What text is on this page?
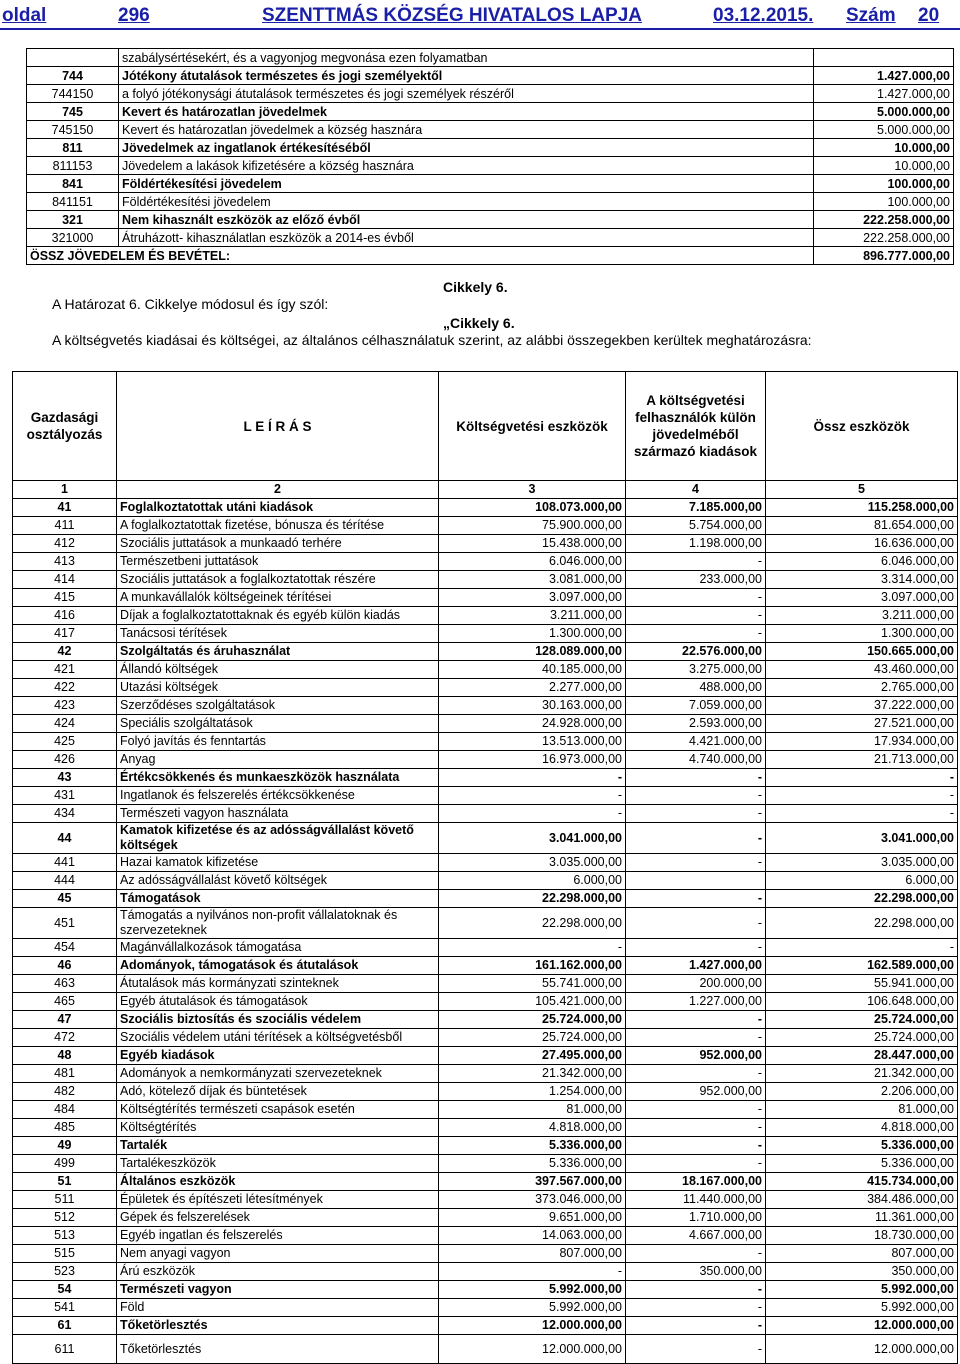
oldal	296	SZENTTMÁS KÖZSÉG HIVATALOS LAPJA	03.12.2015. Szám 20
	szabálysértésekért, és a vagyonjog megvonása ezen folyamatban	
744	Jótékony átutalások természetes és jogi személyektől	1.427.000,00
744150	a folyó jótékonysági átutalások természetes és jogi személyek részéről	1.427.000,00
745	Kevert és határozatlan jövedelmek	5.000.000,00
745150	Kevert és határozatlan jövedelmek a község hasznára	5.000.000,00
811	Jövedelmek az ingatlanok értékesítéséből	10.000,00
811153	Jövedelem a lakások kifizetésére a község hasznára	10.000,00
841	Földértékesítési jövedelem	100.000,00
841151	Földértékesítési jövedelem	100.000,00
321	Nem kihasznált eszközök az előző évből	222.258.000,00
321000	Átruházott- kihasználatlan eszközök a 2014-es évből	222.258.000,00
ÖSSZ JÖVEDELEM ÉS BEVÉTEL:		896.777.000,00
Cikkely 6.
A Határozat 6. Cikkelye módosul és így szól:
„Cikkely 6.
A költségvetés kiadásai és költségei, az általános célhasználatuk szerint, az alábbi összegekben kerültek meghatározásra:
Gazdasági osztályozás	L E Í R Á S	Költségvetési eszközök	A költségvetési felhasználók külön jövedelméből származó kiadások	Össz eszközök
1	2	3	4	5
41	Foglalkoztatottak utáni kiadások	108.073.000,00	7.185.000,00	115.258.000,00
411	A foglalkoztatottak fizetése, bónusza és térítése	75.900.000,00	5.754.000,00	81.654.000,00
412	Szociális juttatások a munkaadó terhére	15.438.000,00	1.198.000,00	16.636.000,00
413	Természetbeni juttatások	6.046.000,00	-	6.046.000,00
414	Szociális juttatások a foglalkoztatottak részére	3.081.000,00	233.000,00	3.314.000,00
415	A munkavállalók költségeinek térítései	3.097.000,00	-	3.097.000,00
416	Díjak a foglalkoztatottaknak és egyéb külön kiadás	3.211.000,00	-	3.211.000,00
417	Tanácsosi térítések	1.300.000,00	-	1.300.000,00
42	Szolgáltatás és áruhasználat	128.089.000,00	22.576.000,00	150.665.000,00
421	Állandó költségek	40.185.000,00	3.275.000,00	43.460.000,00
422	Utazási költségek	2.277.000,00	488.000,00	2.765.000,00
423	Szerződéses szolgáltatások	30.163.000,00	7.059.000,00	37.222.000,00
424	Speciális szolgáltatások	24.928.000,00	2.593.000,00	27.521.000,00
425	Folyó javítás és fenntartás	13.513.000,00	4.421.000,00	17.934.000,00
426	Anyag	16.973.000,00	4.740.000,00	21.713.000,00
43	Értékcsökkenés és munkaeszközök használata	-	-	-
431	Ingatlanok és felszerelés értékcsökkenése	-	-	-
434	Természeti vagyon használata	-	-	-
44	Kamatok kifizetése és az adósságvállalást követő költségek	3.041.000,00	-	3.041.000,00
441	Hazai kamatok kifizetése	3.035.000,00	-	3.035.000,00
444	Az adósságvállalást követő költségek	6.000,00		6.000,00
45	Támogatások	22.298.000,00	-	22.298.000,00
451	Támogatás a nyilvános non-profit vállalatoknak és szervezeteknek	22.298.000,00	-	22.298.000,00
454	Magánvállalkozások támogatása	-	-	-
46	Adományok, támogatások és átutalások	161.162.000,00	1.427.000,00	162.589.000,00
463	Átutalások más kormányzati szinteknek	55.741.000,00	200.000,00	55.941.000,00
465	Egyéb átutalások és támogatások	105.421.000,00	1.227.000,00	106.648.000,00
47	Szociális biztosítás és szociális védelem	25.724.000,00	-	25.724.000,00
472	Szociális védelem utáni térítések a költségvetésből	25.724.000,00	-	25.724.000,00
48	Egyéb kiadások	27.495.000,00	952.000,00	28.447.000,00
481	Adományok a nemkormányzati szervezeteknek	21.342.000,00	-	21.342.000,00
482	Adó, kötelező díjak és büntetések	1.254.000,00	952.000,00	2.206.000,00
484	Költségtérítés természeti csapások esetén	81.000,00	-	81.000,00
485	Költségtérítés	4.818.000,00	-	4.818.000,00
49	Tartalék	5.336.000,00	-	5.336.000,00
499	Tartalékeszközök	5.336.000,00	-	5.336.000,00
51	Általános eszközök	397.567.000,00	18.167.000,00	415.734.000,00
511	Épületek és építészeti létesítmények	373.046.000,00	11.440.000,00	384.486.000,00
512	Gépek és felszerelések	9.651.000,00	1.710.000,00	11.361.000,00
513	Egyéb ingatlan és felszerelés	14.063.000,00	4.667.000,00	18.730.000,00
515	Nem anyagi vagyon	807.000,00	-	807.000,00
523	Árú eszközök	-	350.000,00	350.000,00
54	Természeti vagyon	5.992.000,00	-	5.992.000,00
541	Föld	5.992.000,00	-	5.992.000,00
61	Tőketörlesztés	12.000.000,00	-	12.000.000,00
611	Tőketörlesztés	12.000.000,00	-	12.000.000,00
